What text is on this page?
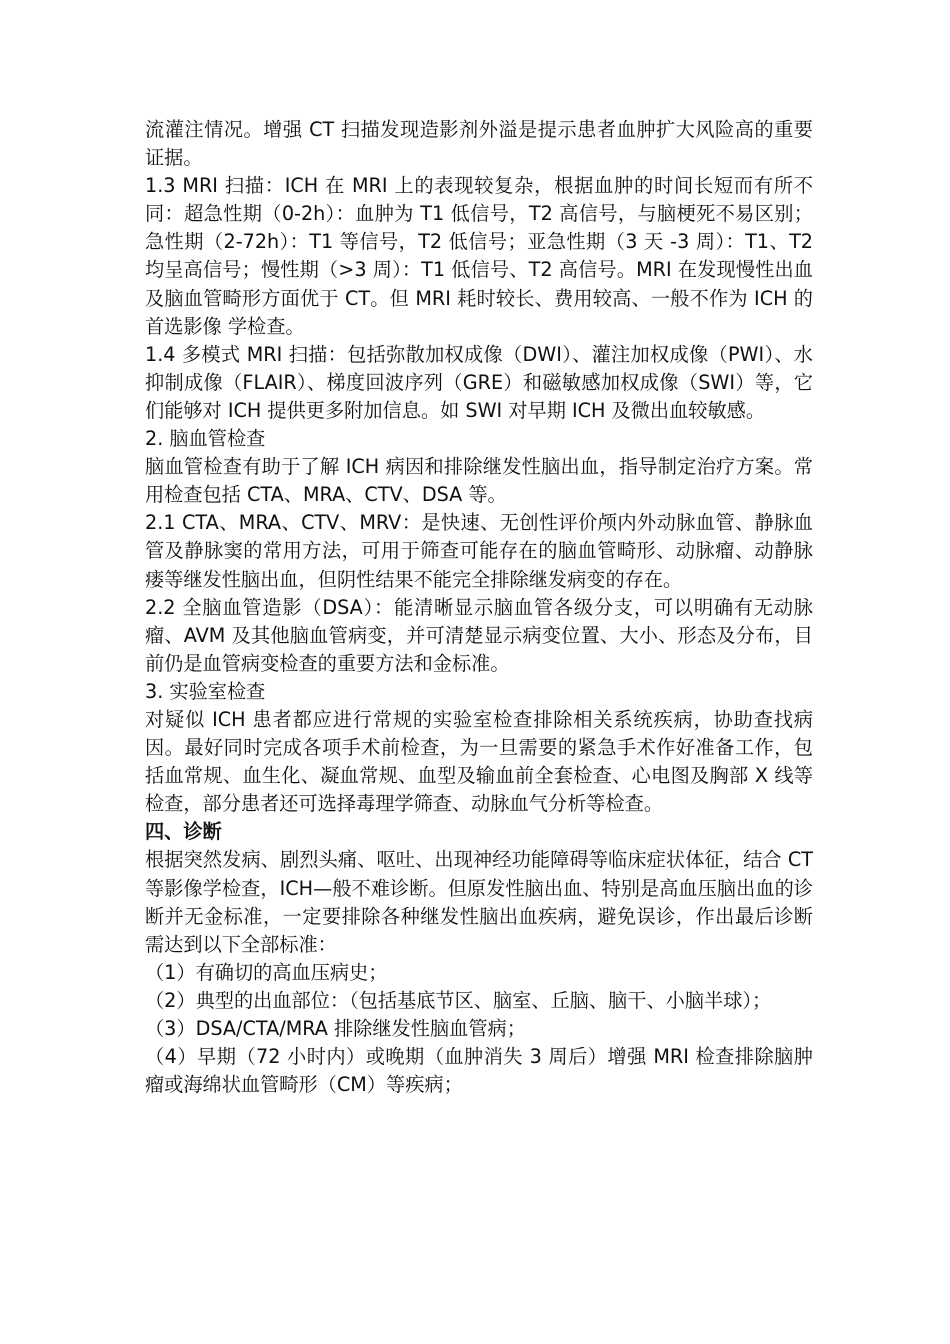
流灌注情况。增强 CT 扫描发现造影剂外溢是提示患者血肿扩大风险高的重要证据。

1.3 MRI 扫描：ICH 在 MRI 上的表现较复杂，根据血肿的时间长短而有所不同：超急性期（0-2h）：血肿为 T1 低信号，T2 高信号，与脑梗死不易区别；急性期（2-72h）：T1 等信号，T2 低信号；亚急性期（3 天 -3 周）：T1、T2 均呈高信号；慢性期（>3 周）：T1 低信号、T2 高信号。MRI 在发现慢性出血及脑血管畸形方面优于 CT。但 MRI 耗时较长、费用较高、一般不作为 ICH 的首选影像 学检查。

1.4 多模式 MRI 扫描：包括弥散加权成像（DWI）、灌注加权成像（PWI）、水抑制成像（FLAIR）、梯度回波序列（GRE）和磁敏感加权成像（SWI）等，它们能够对 ICH 提供更多附加信息。如 SWI 对早期 ICH 及微出血较敏感。

2. 脑血管检查

脑血管检查有助于了解 ICH 病因和排除继发性脑出血，指导制定治疗方案。常用检查包括 CTA、MRA、CTV、DSA 等。

2.1 CTA、MRA、CTV、MRV：是快速、无创性评价颅内外动脉血管、静脉血管及静脉窦的常用方法，可用于筛查可能存在的脑血管畸形、动脉瘤、动静脉瘘等继发性脑出血，但阴性结果不能完全排除继发病变的存在。

2.2 全脑血管造影（DSA）：能清晰显示脑血管各级分支，可以明确有无动脉瘤、AVM 及其他脑血管病变，并可清楚显示病变位置、大小、形态及分布，目前仍是血管病变检查的重要方法和金标准。

3. 实验室检查

对疑似 ICH 患者都应进行常规的实验室检查排除相关系统疾病，协助查找病因。最好同时完成各项手术前检查，为一旦需要的紧急手术作好准备工作，包括血常规、血生化、凝血常规、血型及输血前全套检查、心电图及胸部 X 线等检查，部分患者还可选择毒理学筛查、动脉血气分析等检查。

四、诊断

根据突然发病、剧烈头痛、呕吐、出现神经功能障碍等临床症状体征，结合 CT 等影像学检查，ICH—般不难诊断。但原发性脑出血、特别是高血压脑出血的诊断并无金标准，一定要排除各种继发性脑出血疾病，避免误诊，作出最后诊断需达到以下全部标准：

（1）有确切的高血压病史；

（2）典型的出血部位：（包括基底节区、脑室、丘脑、脑干、小脑半球）；

（3）DSA/CTA/MRA 排除继发性脑血管病；

（4）早期（72 小时内）或晚期（血肿消失 3 周后）增强 MRI 检查排除脑肿瘤或海绵状血管畸形（CM）等疾病；
